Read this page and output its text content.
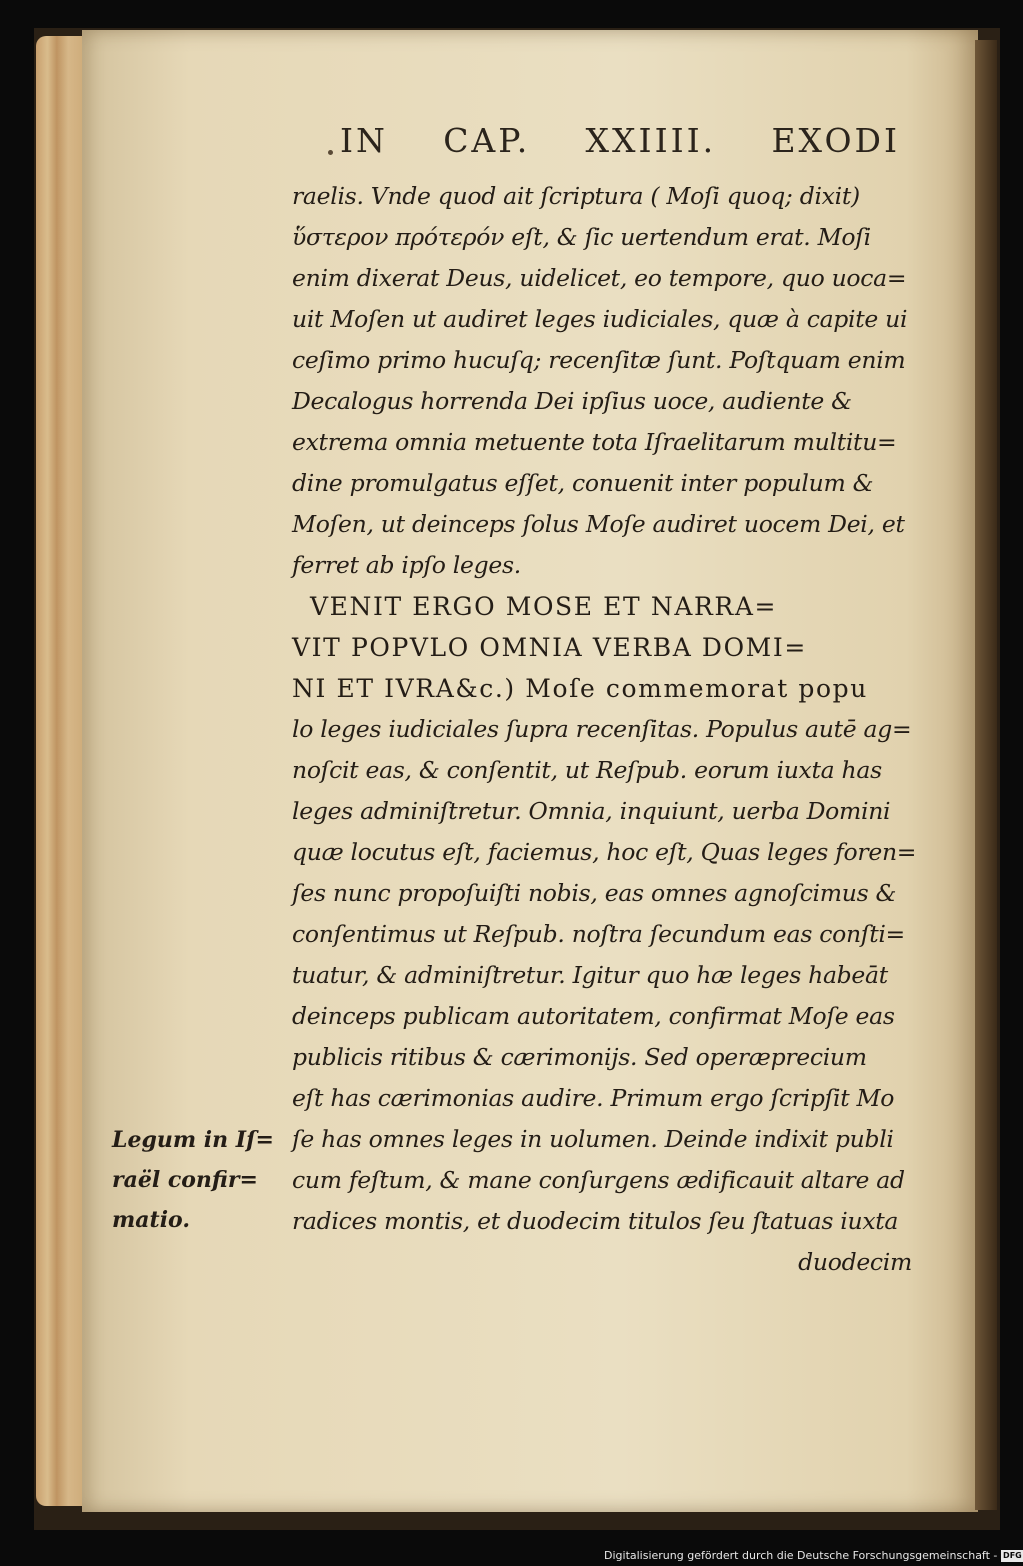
IN CAP. XXIIII. EXODI
raelis. Vnde quod ait ſcriptura ( Moſi quoq; dixit)
ὕστερον πρότερόν eſt, & ſic uertendum erat. Moſi
enim dixerat Deus, uidelicet, eo tempore, quo uoca=
uit Moſen ut audiret leges iudiciales, quæ à capite ui
ceſimo primo hucuſq; recenſitæ ſunt. Poſtquam enim
Decalogus horrenda Dei ipſius uoce, audiente &
extrema omnia metuente tota Iſraelitarum multitu=
dine promulgatus eſſet, conuenit inter populum &
Moſen, ut deinceps ſolus Moſe audiret uocem Dei, et
ferret ab ipſo leges.
VENIT ERGO MOSE ET NARRA=
VIT POPVLO OMNIA VERBA DOMI=
NI ET IVRA&c.) Moſe commemorat popu
lo leges iudiciales ſupra recenſitas. Populus autē ag=
noſcit eas, & conſentit, ut Reſpub. eorum iuxta has
leges adminiſtretur. Omnia, inquiunt, uerba Domini
quæ locutus eſt, faciemus, hoc eſt, Quas leges foren=
ſes nunc propoſuiſti nobis, eas omnes agnoſcimus &
conſentimus ut Reſpub. noſtra ſecundum eas conſti=
tuatur, & adminiſtretur. Igitur quo hæ leges habeāt
deinceps publicam autoritatem, confirmat Moſe eas
publicis ritibus & cærimonijs. Sed operæprecium
eſt has cærimonias audire. Primum ergo ſcripſit Mo
ſe has omnes leges in uolumen. Deinde indixit publi
cum feſtum, & mane conſurgens ædificauit altare ad
radices montis, et duodecim titulos ſeu ſtatuas iuxta
duodecim
Legum in Iſ=
raël confir=
matio.
Digitalisierung gefördert durch die Deutsche Forschungsgemeinschaft - DFG
